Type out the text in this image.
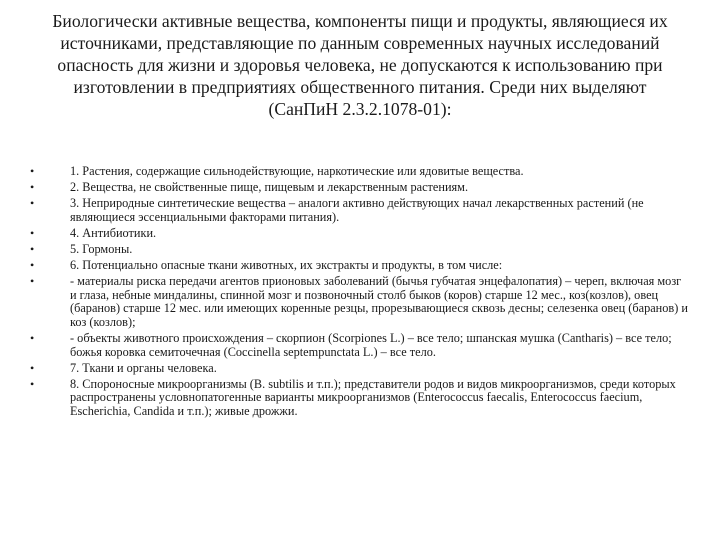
Биологически активные вещества, компоненты пищи и продукты, являющиеся их источниками, представляющие по данным современных научных исследований опасность для жизни и здоровья человека, не допускаются к использованию при изготовлении в предприятиях общественного питания. Среди них выделяют
(СанПиН 2.3.2.1078-01):
•	1. Растения, содержащие сильнодействующие, наркотические или ядовитые вещества.
•	2. Вещества, не свойственные пище, пищевым и лекарственным растениям.
•	3. Неприродные синтетические вещества – аналоги активно действующих начал лекарственных растений (не являющиеся эссенциальными факторами питания).
•	4. Антибиотики.
•	5. Гормоны.
•	6. Потенциально опасные ткани животных, их экстракты и продукты, в том числе:
•	- материалы риска передачи агентов прионовых заболеваний (бычья губчатая энцефалопатия) – череп, включая мозг и глаза, небные миндалины, спинной мозг и позвоночный столб быков (коров) старше 12 мес., коз(козлов), овец (баранов) старше 12 мес. или имеющих коренные резцы, прорезывающиеся сквозь десны; селезенка овец (баранов) и коз (козлов);
•	- объекты животного происхождения – скорпион (Scorpiones L.) – все тело; шпанская мушка (Cantharis) – все тело; божья коровка семиточечная (Coccinella septempunctata L.) – все тело.
•	7. Ткани и органы человека.
•	8. Спороносные микроорганизмы (B. subtilis и т.п.); представители родов и видов микроорганизмов, среди которых распространены условнопатогенные варианты микроорганизмов (Enterococcus faecalis, Enterococcus faecium, Escherichia, Candida и т.п.); живые дрожжи.
